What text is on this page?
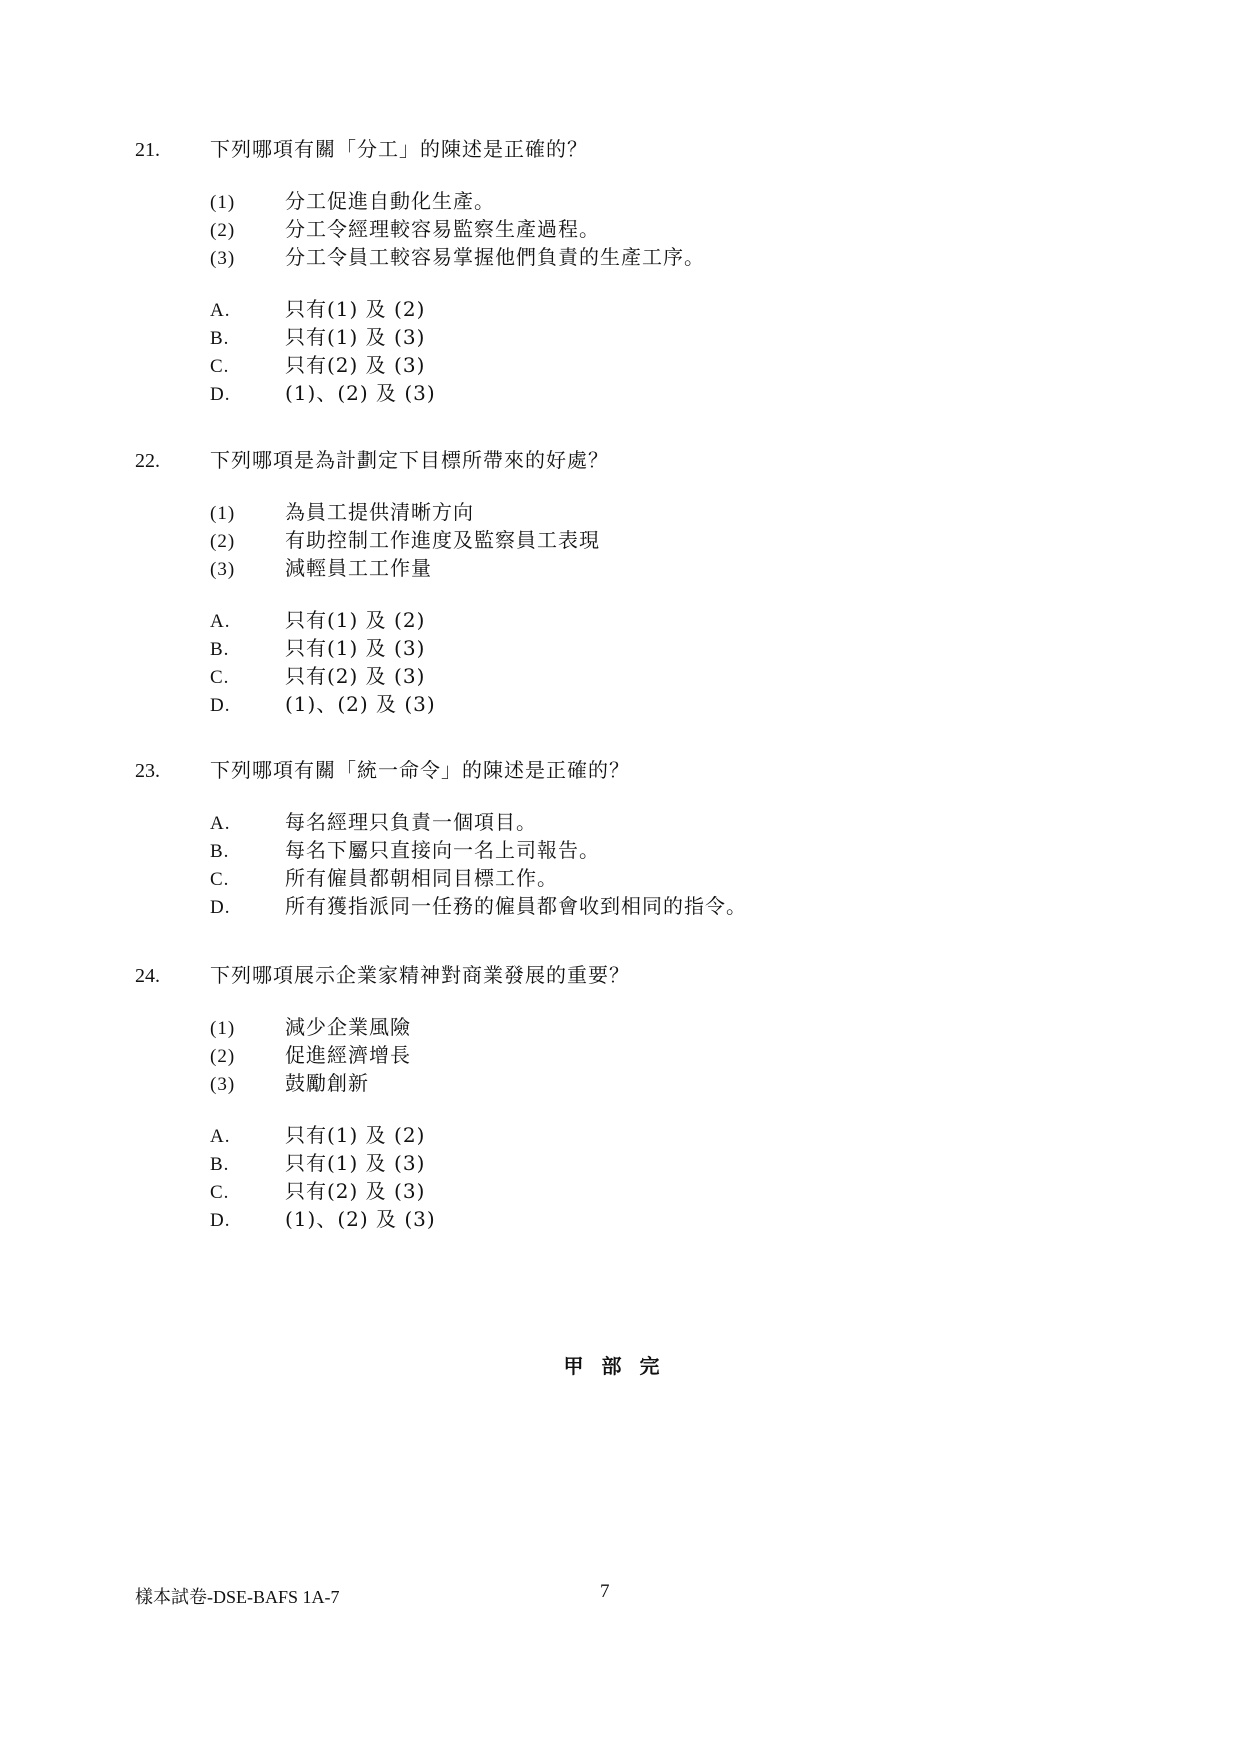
21.	下列哪項有關「分工」的陳述是正確的？
(1)	分工促進自動化生產。
(2)	分工令經理較容易監察生產過程。
(3)	分工令員工較容易掌握他們負責的生產工序。
A.	只有(1) 及 (2)
B.	只有(1) 及 (3)
C.	只有(2) 及 (3)
D.	(1)、(2) 及 (3)
22.	下列哪項是為計劃定下目標所帶來的好處？
(1)	為員工提供清晰方向
(2)	有助控制工作進度及監察員工表現
(3)	減輕員工工作量
A.	只有(1) 及 (2)
B.	只有(1) 及 (3)
C.	只有(2) 及 (3)
D.	(1)、(2) 及 (3)
23.	下列哪項有關「統一命令」的陳述是正確的？
A.	每名經理只負責一個項目。
B.	每名下屬只直接向一名上司報告。
C.	所有僱員都朝相同目標工作。
D.	所有獲指派同一任務的僱員都會收到相同的指令。
24.	下列哪項展示企業家精神對商業發展的重要？
(1)	減少企業風險
(2)	促進經濟增長
(3)	鼓勵創新
A.	只有(1) 及 (2)
B.	只有(1) 及 (3)
C.	只有(2) 及 (3)
D.	(1)、(2) 及 (3)
甲部完
樣本試卷-DSE-BAFS 1A-7	7
